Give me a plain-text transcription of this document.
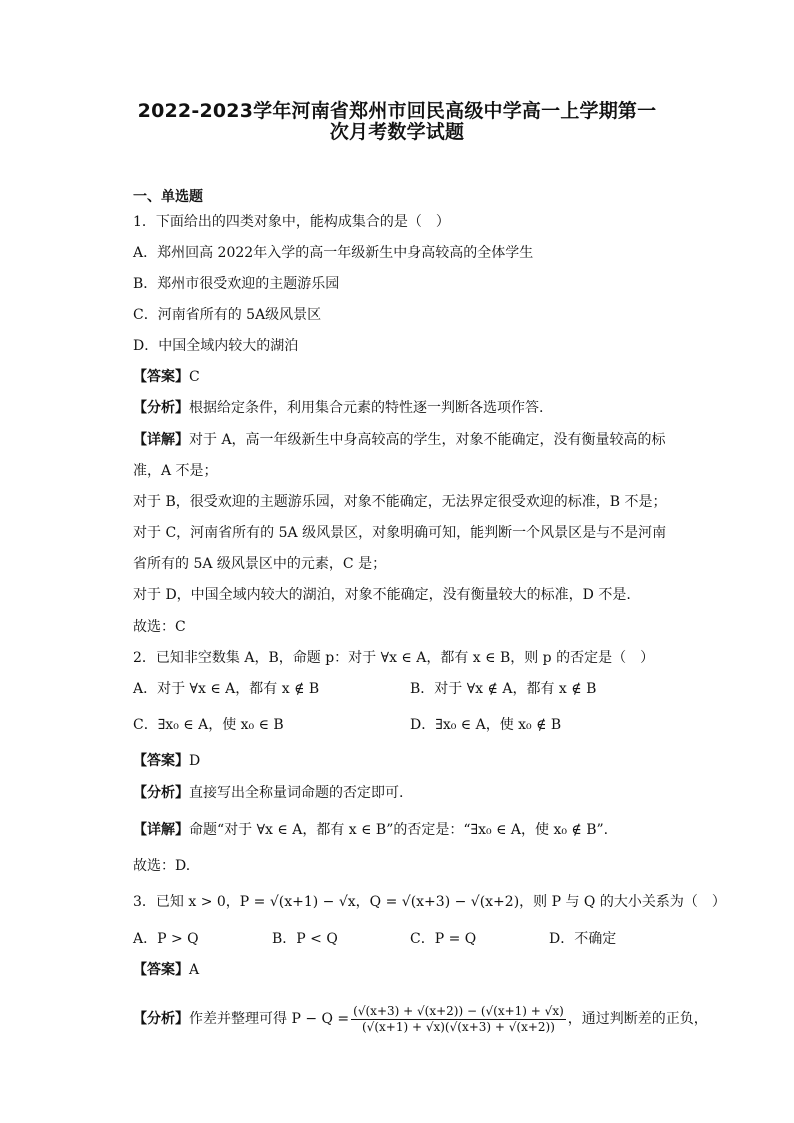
2022-2023学年河南省郑州市回民高级中学高一上学期第一
次月考数学试题
一、单选题
1．下面给出的四类对象中，能构成集合的是（　）
A．郑州回高 2022年入学的高一年级新生中身高较高的全体学生
B．郑州市很受欢迎的主题游乐园
C．河南省所有的 5A级风景区
D．中国全域内较大的湖泊
【答案】C
【分析】根据给定条件，利用集合元素的特性逐一判断各选项作答.
【详解】对于 A，高一年级新生中身高较高的学生，对象不能确定，没有衡量较高的标
准，A 不是；
对于 B，很受欢迎的主题游乐园，对象不能确定，无法界定很受欢迎的标准，B 不是；
对于 C，河南省所有的 5A 级风景区，对象明确可知，能判断一个风景区是与不是河南
省所有的 5A 级风景区中的元素，C 是；
对于 D，中国全域内较大的湖泊，对象不能确定，没有衡量较大的标准，D 不是.
故选：C
2．已知非空数集 A，B，命题 p：对于 ∀x ∈ A，都有 x ∈ B，则 p 的否定是（　）
A．对于 ∀x ∈ A，都有 x ∉ B	B．对于 ∀x ∉ A，都有 x ∉ B
C．∃x₀ ∈ A，使 x₀ ∈ B	D．∃x₀ ∈ A，使 x₀ ∉ B
【答案】D
【分析】直接写出全称量词命题的否定即可.
【详解】命题“对于 ∀x ∈ A，都有 x ∈ B”的否定是：“∃x₀ ∈ A，使 x₀ ∉ B”.
故选：D.
3．已知 x > 0，P = √(x+1) − √x，Q = √(x+3) − √(x+2)，则 P 与 Q 的大小关系为（　）
A．P > Q	B．P < Q	C．P = Q	D．不确定
【答案】A
【分析】作差并整理可得 $P - Q = \frac{(√(x+3) + √(x+2)) - (√(x+1) + √x)}{(√(x+1) + √x)(√(x+3) + √(x+2))}$ ，通过判断差的正负，
